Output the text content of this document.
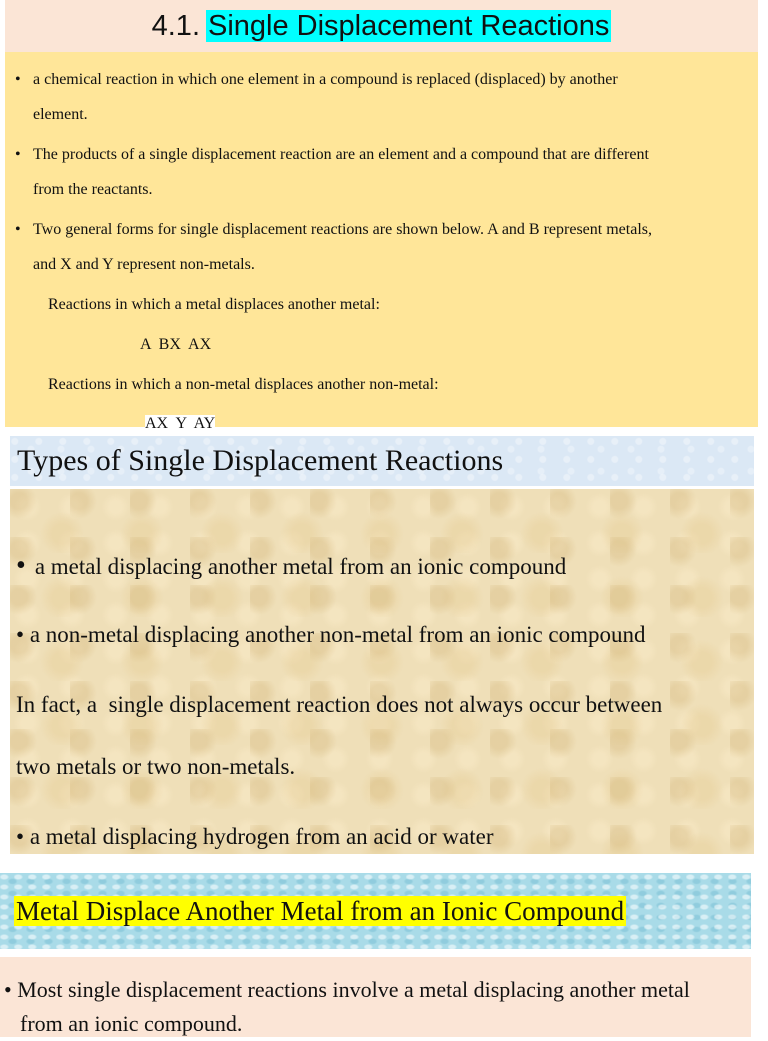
4.1. Single Displacement Reactions
• a chemical reaction in which one element in a compound is replaced (displaced) by another
element.
• The products of a single displacement reaction are an element and a compound that are different
from the reactants.
• Two general forms for single displacement reactions are shown below. A and B represent metals,
and X and Y represent non-metals.
Reactions in which a metal displaces another metal:
A  BX  AX
Reactions in which a non-metal displaces another non-metal:
AX  Y  AY
Types of Single Displacement Reactions
• a metal displacing another metal from an ionic compound
• a non-metal displacing another non-metal from an ionic compound
In fact, a  single displacement reaction does not always occur between
two metals or two non-metals.
• a metal displacing hydrogen from an acid or water
Metal Displace Another Metal from an Ionic Compound
• Most single displacement reactions involve a metal displacing another metal
from an ionic compound.
